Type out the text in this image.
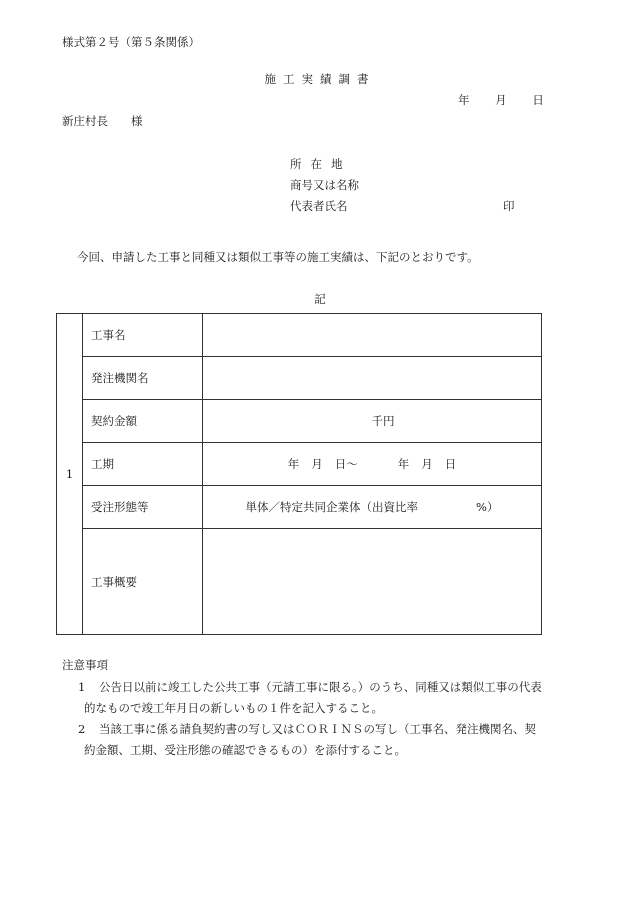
様式第２号（第５条関係）
施工実績調書
年 月 日
新庄村長　　様
所在地
商号又は名称
代表者氏名	印
今回、申請した工事と同種又は類似工事等の施工実績は、下記のとおりです。
記
1	工事名	
	発注機関名	
	契約金額	千円
	工期	年 月 日〜 年 月 日
	受注形態等	単体／特定共同企業体（出資比率 %）
	工事概要	
注意事項
1	公告日以前に竣工した公共工事（元請工事に限る。）のうち、同種又は類似工事の代表
的なもので竣工年月日の新しいもの１件を記入すること。
2	当該工事に係る請負契約書の写し又はＣＯＲＩＮＳの写し（工事名、発注機関名、契
約金額、工期、受注形態の確認できるもの）を添付すること。
